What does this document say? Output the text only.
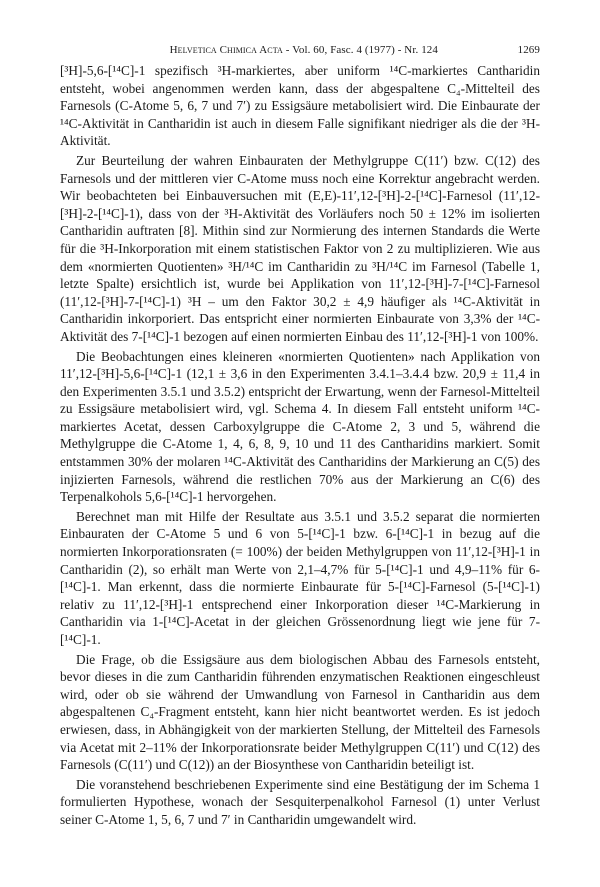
Helvetica Chimica Acta - Vol. 60, Fasc. 4 (1977) - Nr. 124	1269

[³H]-5,6-[¹⁴C]-1 spezifisch ³H-markiertes, aber uniform ¹⁴C-markiertes Cantharidin entsteht, wobei angenommen werden kann, dass der abgespaltene C₄-Mittelteil des Farnesols (C-Atome 5, 6, 7 und 7′) zu Essigsäure metabolisiert wird. Die Einbaurate der ¹⁴C-Aktivität in Cantharidin ist auch in diesem Falle signifikant niedriger als die der ³H-Aktivität.

Zur Beurteilung der wahren Einbauraten der Methylgruppe C(11′) bzw. C(12) des Farnesols und der mittleren vier C-Atome muss noch eine Korrektur angebracht werden. Wir beobachteten bei Einbauversuchen mit (E,E)-11′,12-[³H]-2-[¹⁴C]-Farnesol (11′,12-[³H]-2-[¹⁴C]-1), dass von der ³H-Aktivität des Vorläufers noch 50 ± 12% im isolierten Cantharidin auftraten [8]. Mithin sind zur Normierung des internen Standards die Werte für die ³H-Inkorporation mit einem statistischen Faktor von 2 zu multiplizieren. Wie aus dem «normierten Quotienten» ³H/¹⁴C im Cantharidin zu ³H/¹⁴C im Farnesol (Tabelle 1, letzte Spalte) ersichtlich ist, wurde bei Applikation von 11′,12-[³H]-7-[¹⁴C]-Farnesol (11′,12-[³H]-7-[¹⁴C]-1) ³H – um den Faktor 30,2 ± 4,9 häufiger als ¹⁴C-Aktivität in Cantharidin inkorporiert. Das entspricht einer normierten Einbaurate von 3,3% der ¹⁴C-Aktivität des 7-[¹⁴C]-1 bezogen auf einen normierten Einbau des 11′,12-[³H]-1 von 100%.

Die Beobachtungen eines kleineren «normierten Quotienten» nach Applikation von 11′,12-[³H]-5,6-[¹⁴C]-1 (12,1 ± 3,6 in den Experimenten 3.4.1–3.4.4 bzw. 20,9 ± 11,4 in den Experimenten 3.5.1 und 3.5.2) entspricht der Erwartung, wenn der Farnesol-Mittelteil zu Essigsäure metabolisiert wird, vgl. Schema 4. In diesem Fall entsteht uniform ¹⁴C-markiertes Acetat, dessen Carboxylgruppe die C-Atome 2, 3 und 5, während die Methylgruppe die C-Atome 1, 4, 6, 8, 9, 10 und 11 des Cantharidins markiert. Somit entstammen 30% der molaren ¹⁴C-Aktivität des Cantharidins der Markierung an C(5) des injizierten Farnesols, während die restlichen 70% aus der Markierung an C(6) des Terpenalkohols 5,6-[¹⁴C]-1 hervorgehen.

Berechnet man mit Hilfe der Resultate aus 3.5.1 und 3.5.2 separat die normierten Einbauraten der C-Atome 5 und 6 von 5-[¹⁴C]-1 bzw. 6-[¹⁴C]-1 in bezug auf die normierten Inkorporationsraten (= 100%) der beiden Methylgruppen von 11′,12-[³H]-1 in Cantharidin (2), so erhält man Werte von 2,1–4,7% für 5-[¹⁴C]-1 und 4,9–11% für 6-[¹⁴C]-1. Man erkennt, dass die normierte Einbaurate für 5-[¹⁴C]-Farnesol (5-[¹⁴C]-1) relativ zu 11′,12-[³H]-1 entsprechend einer Inkorporation dieser ¹⁴C-Markierung in Cantharidin via 1-[¹⁴C]-Acetat in der gleichen Grössenordnung liegt wie jene für 7-[¹⁴C]-1.

Die Frage, ob die Essigsäure aus dem biologischen Abbau des Farnesols entsteht, bevor dieses in die zum Cantharidin führenden enzymatischen Reaktionen eingeschleust wird, oder ob sie während der Umwandlung von Farnesol in Cantharidin aus dem abgespaltenen C₄-Fragment entsteht, kann hier nicht beantwortet werden. Es ist jedoch erwiesen, dass, in Abhängigkeit von der markierten Stellung, der Mittelteil des Farnesols via Acetat mit 2–11% der Inkorporationsrate beider Methylgruppen C(11′) und C(12) des Farnesols (C(11′) und C(12)) an der Biosynthese von Cantharidin beteiligt ist.

Die voranstehend beschriebenen Experimente sind eine Bestätigung der im Schema 1 formulierten Hypothese, wonach der Sesquiterpenalkohol Farnesol (1) unter Verlust seiner C-Atome 1, 5, 6, 7 und 7′ in Cantharidin umgewandelt wird.
